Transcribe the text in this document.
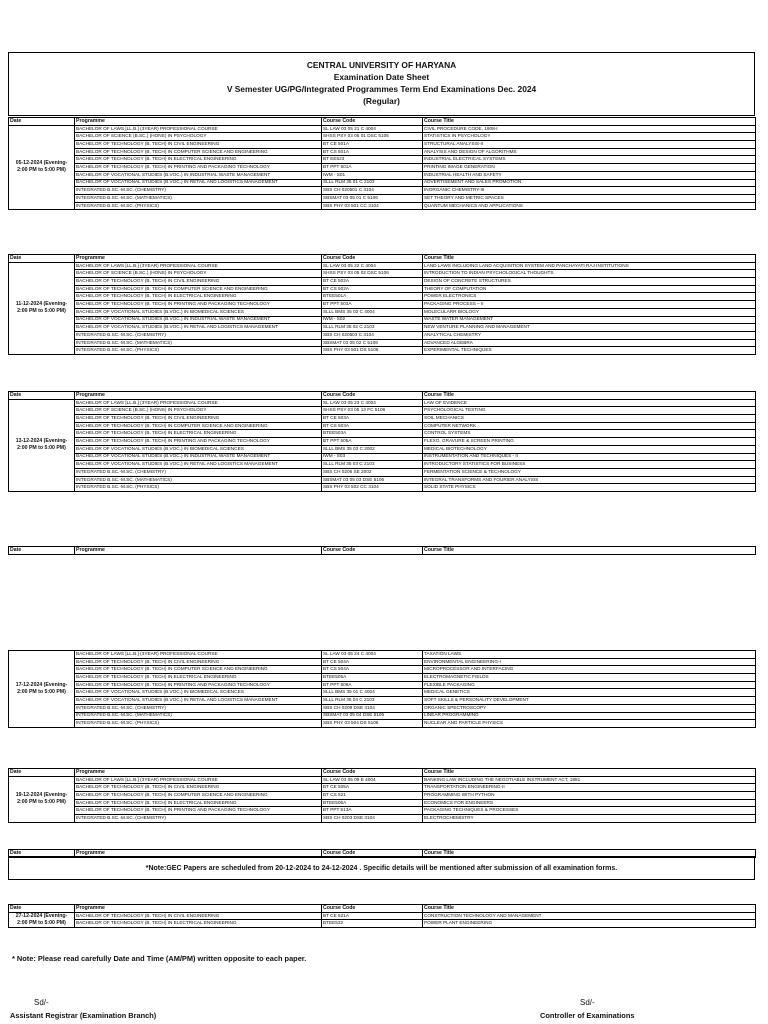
CENTRAL UNIVERSITY OF HARYANA
Examination Date Sheet
V Semester UG/PG/Integrated Programmes Term End Examinations Dec. 2024
(Regular)
Date	Programme	Course Code	Course Title
05-12-2024 (Evening- 2:00 PM to 5:00 PM)	BACHELOR OF LAWS [LL.B.] (3YEAR) PROFESSIONAL COURSE	SL LAW 03 05 21 C 4004	CIVIL PROCEDURE CODE, 1908-I
	BACHELOR OF SCIENCE (B.SC.) (HONS) IN PSYCHOLOGY	SHSS PSY 03 05 01 DSC 5106	STATISTICS IN PSYCHOLOGY
	BACHELOR OF TECHNOLOGY (B. TECH) IN CIVIL ENGINEERING	BT CE 501A	STRUCTURAL ANALYSIS-II
	BACHELOR OF TECHNOLOGY (B. TECH) IN COMPUTER SCIENCE AND ENGINEERING	BT CS 501A	ANALYSIS AND DESIGN OF ALGORITHMS
	BACHELOR OF TECHNOLOGY (B. TECH) IN ELECTRICAL ENGINEERING	BT EE523	INDUSTRIAL ELECTRICAL SYSTEMS
	BACHELOR OF TECHNOLOGY (B. TECH) IN PRINTING AND PACKAGING TECHNOLOGY	BT PPT 501A	PRINTING IMAGE GENERATION
	BACHELOR OF VOCATIONAL STUDIES (B.VOC.) IN INDUSTRIAL WASTE MANAGEMENT	IWM - S01	INDUSTRIAL HEALTH AND SAFETY
	BACHELOR OF VOCATIONAL STUDIES (B.VOC.) IN RETAIL AND LOGISTICS MANAGEMENT	SLLL RLM 35 01 C 2103	ADVERTISEMENT AND SALES PROMOTION
	INTEGRATED B.SC.-M.SC. (CHEMISTRY)	SBS CH 020501 C 3104	INORGANIC CHEMISTRY-III
	INTEGRATED B.SC.-M.SC. (MATHEMATICS)	SBSMAT 03 05 01 C 5106	SET THEORY AND METRIC SPACES
	INTEGRATED B.SC.-M.SC. (PHYSICS)	SBS PHY 03 501 CC 3104	QUANTUM MECHANICS AND APPLICATIONS
Date	Programme	Course Code	Course Title
11-12-2024 (Evening- 2:00 PM to 5:00 PM)	BACHELOR OF LAWS [LL.B.] (3YEAR) PROFESSIONAL COURSE	SL LAW 03 05 22 C 4004	LAND LAWS INCLUDING LAND ACQUISITION SYSTEM AND PANCHAYATI RAJ INSTITUTIONS
	BACHELOR OF SCIENCE (B.SC.) (HONS) IN PSYCHOLOGY	SHSS PSY 03 05 02 DSC 5106	INTRODUCTION TO INDIAN PSYCHOLOGICAL THOUGHTS
	BACHELOR OF TECHNOLOGY (B. TECH) IN CIVIL ENGINEERING	BT CE 502A	DESIGN OF CONCRETE STRUCTURES
	BACHELOR OF TECHNOLOGY (B. TECH) IN COMPUTER SCIENCE AND ENGINEERING	BT CS 502A	THEORY OF COMPUTATION
	BACHELOR OF TECHNOLOGY (B. TECH) IN ELECTRICAL ENGINEERING	BTEE501A	POWER ELECTRONICS
	BACHELOR OF TECHNOLOGY (B. TECH) IN PRINTING AND PACKAGING TECHNOLOGY	BT PPT 503A	PACKAGING PROCESS – II
	BACHELOR OF VOCATIONAL STUDIES (B.VOC.) IN BIOMEDICAL SCIENCES	SLLL BMS 35 02 C 4004	MOLECULARR BIOLOGY
	BACHELOR OF VOCATIONAL STUDIES (B.VOC.) IN INDUSTRIAL WASTE MANAGEMENT	IWM - S02	WASTE WATER MANAGEMENT
	BACHELOR OF VOCATIONAL STUDIES (B.VOC.) IN RETAIL AND LOGISTICS MANAGEMENT	SLLL RLM 35 02 C 2103	NEW VENTURE PLANNING AND MANAGEMENT
	INTEGRATED B.SC.-M.SC. (CHEMISTRY)	SBS CH 020503 C 3104	ANALYTICAL CHEMISTRY
	INTEGRATED B.SC.-M.SC. (MATHEMATICS)	SBSMAT 03 05 02 C 5106	ADVANCED ALGEBRA
	INTEGRATED B.SC.-M.SC. (PHYSICS)	SBS PHY 03 501 DS 5106	EXPERIMENTAL TECHNIQUES
Date	Programme	Course Code	Course Title
13-12-2024 (Evening- 2:00 PM to 5:00 PM)	BACHELOR OF LAWS [LL.B.] (3YEAR) PROFESSIONAL COURSE	SL LAW 03 05 23 C 4004	LAW OF EVIDENCE
	BACHELOR OF SCIENCE (B.SC.) (HONS) IN PSYCHOLOGY	SHSS PSY 03 05 13 FC 5106	PSYCHOLOGICAL TESTING
	BACHELOR OF TECHNOLOGY (B. TECH) IN CIVIL ENGINEERING	BT CE 503A	SOIL MECHANICS
	BACHELOR OF TECHNOLOGY (B. TECH) IN COMPUTER SCIENCE AND ENGINEERING	BT CS 503A	COMPUTER NETWORK
	BACHELOR OF TECHNOLOGY (B. TECH) IN ELECTRICAL ENGINEERING	BTEE503A	CONTROL SYSTEMS
	BACHELOR OF TECHNOLOGY (B. TECH) IN PRINTING AND PACKAGING TECHNOLOGY	BT PPT 505A	FLEXO, GRAVURE & SCREEN PRINTING
	BACHELOR OF VOCATIONAL STUDIES (B.VOC.) IN BIOMEDICAL SCIENCES	SLLL BMS 35 03 C 2002	MEDICAL BIOTECHNOLOGY
	BACHELOR OF VOCATIONAL STUDIES (B.VOC.) IN INDUSTRIAL WASTE MANAGEMENT	IWM - S03	INSTRUMENTATION AND TECHNIQUES - II
	BACHELOR OF VOCATIONAL STUDIES (B.VOC.) IN RETAIL AND LOGISTICS MANAGEMENT	SLLL RLM 35 03 C 2103	INTRODUCTORY STATISTICS FOR BUSINESS
	INTEGRATED B.SC.-M.SC. (CHEMISTRY)	SBS CH 0206 SE 2002	FERMENTATION SCIENCE & TECHNOLOGY
	INTEGRATED B.SC.-M.SC. (MATHEMATICS)	SBSMAT 03 05 03 DSE 5106	INTEGRAL TRANSFORMS AND FOURIER ANALYSIS
	INTEGRATED B.SC.-M.SC. (PHYSICS)	SBS PHY 03 502 CC 3104	SOLID STATE PHYSICS
17-12-2024 (Evening- 2:00 PM to 5:00 PM)	BACHELOR OF LAWS [LL.B.] (3YEAR) PROFESSIONAL COURSE	SL LAW 03 05 24 C 4004	TAXATION LAWS
	BACHELOR OF TECHNOLOGY (B. TECH) IN CIVIL ENGINEERING	BT CE 504A	ENVIRONMENTAL ENGINEERING-I
	BACHELOR OF TECHNOLOGY (B. TECH) IN COMPUTER SCIENCE AND ENGINEERING	BT CS 504A	MICROPROCESSOR AND INTERFACING
	BACHELOR OF TECHNOLOGY (B. TECH) IN ELECTRICAL ENGINEERING	BTEE505A	ELECTROMAGNETIC FIELDS
	BACHELOR OF TECHNOLOGY (B. TECH) IN PRINTING AND PACKAGING TECHNOLOGY	BT PPT 509A	FLEXIBLE PACKAGING
	BACHELOR OF VOCATIONAL STUDIES (B.VOC.) IN BIOMEDICAL SCIENCES	SLLL BMS 35 01 C 4004	MEDICAL GENETICS
	BACHELOR OF VOCATIONAL STUDIES (B.VOC.) IN RETAIL AND LOGISTICS MANAGEMENT	SLLL RLM 35 04 C 2103	SOFT SKILLS & PERSONALITY DEVELOPMENT
	INTEGRATED B.SC.-M.SC. (CHEMISTRY)	SBS CH 0209 DSE 3104	ORGANIC SPECTROSCOPY
	INTEGRATED B.SC.-M.SC. (MATHEMATICS)	SBSMAT 03 05 04 DSE 5106	LINEAR PROGRAMMING
	INTEGRATED B.SC.-M.SC. (PHYSICS)	SBS PHY 03 504 DS 5106	NUCLEAR AND PARTICLE PHYSICS
Date	Programme	Course Code	Course Title
19-12-2024 (Evening- 2:00 PM to 5:00 PM)	BACHELOR OF LAWS [LL.B.] (3YEAR) PROFESSIONAL COURSE	SL LAW 03 05 09 E 4004	BANKING LAW INCLUDING THE NEGOTIABLE INSTRUMENT ACT, 1881
	BACHELOR OF TECHNOLOGY (B. TECH) IN CIVIL ENGINEERING	BT CE 505A	TRANSPORTATION ENGINEERING-II
	BACHELOR OF TECHNOLOGY (B. TECH) IN COMPUTER SCIENCE AND ENGINEERING	BT CS 521	PROGRAMMING WITH PYTHON
	BACHELOR OF TECHNOLOGY (B. TECH) IN ELECTRICAL ENGINEERING	BTEE506A	ECONOMICS FOR ENGINEERS
	BACHELOR OF TECHNOLOGY (B. TECH) IN PRINTING AND PACKAGING TECHNOLOGY	BT PPT 513A	PACKAGING TECHNIQUES & PROCESSES
	INTEGRATED B.SC.-M.SC. (CHEMISTRY)	SBS CH 0203 DSE 3104	ELECTROCHEMISTRY
Date	Programme	Course Code	Course Title
27-12-2024 (Evening- 2:00 PM to 5:00 PM)	BACHELOR OF TECHNOLOGY (B. TECH) IN CIVIL ENGINEERING	BT CE 521A	CONSTRUCTION TECHNOLOGY AND MANAGEMENT
	BACHELOR OF TECHNOLOGY (B. TECH) IN ELECTRICAL ENGINEERING	BTEE532	POWER PLANT ENGINEERING
Date	Programme	Course Code	Course Title
Date	Programme	Course Code	Course Title
*Note:GEC Papers are scheduled from 20-12-2024 to 24-12-2024 . Specific details will be mentioned after submission of all examination forms.
* Note: Please read carefully Date and Time (AM/PM) written opposite to each paper.
Sd/-
Assistant Registrar (Examination Branch)
Sd/-
Controller of Examinations
